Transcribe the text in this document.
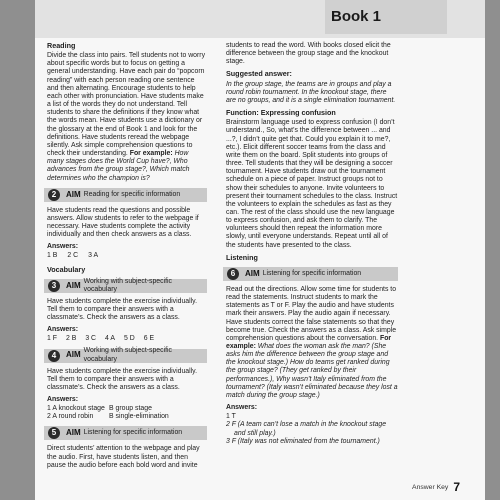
Book 1
Reading
Divide the class into pairs. Tell students not to worry about specific words but to focus on getting a general understanding. Have each pair do “popcorn reading” with each person reading one sentence and then alternating. Encourage students to help each other with pronunciation. Have students make a list of the words they do not understand. Tell students to share the definitions if they know what the words mean. Have students use a dictionary or the glossary at the end of Book 1 and look for the definitions. Have students reread the webpage silently. Ask simple comprehension questions to check their understanding. For example: How many stages does the World Cup have?, Who advances from the group stage?, Which match determines who the champion is?
2	AIM Reading for specific information
Have students read the questions and possible answers. Allow students to refer to the webpage if necessary. Have students complete the activity individually and then check answers as a class.
Answers:
1 B 2 C 3 A
Vocabulary
3	AIM Working with subject-specific vocabulary
Have students complete the exercise individually. Tell them to compare their answers with a classmate’s. Check the answers as a class.
Answers:
1 F 2 B 3 C 4 A 5 D 6 E
4	AIM Working with subject-specific vocabulary
Have students complete the exercise individually. Tell them to compare their answers with a classmate’s. Check the answers as a class.
Answers:
1 A knockout stage B group stage
2 A round robin	B single-elimination
5	AIM Listening for specific information
Direct students’ attention to the webpage and play the audio. First, have students listen, and then pause the audio before each bold word and invite
students to read the word. With books closed elicit the difference between the group stage and the knockout stage.
Suggested answer:
In the group stage, the teams are in groups and play a round robin tournament. In the knockout stage, there are no groups, and it is a single elimination tournament.
Function: Expressing confusion
Brainstorm language used to express confusion (I don’t understand., So, what’s the difference between ... and ...?, I didn’t quite get that. Could you explain it to me?, etc.). Elicit different soccer teams from the class and write them on the board. Split students into groups of three. Tell students that they will be designing a soccer tournament. Have students draw out the tournament schedule on a piece of paper. Instruct groups not to show their schedules to anyone. Invite volunteers to present their tournament schedules to the class. Instruct the volunteers to explain the schedules as fast as they can. The rest of the class should use the new language to express confusion, and ask them to clarify. The volunteers should then repeat the information more slowly, until everyone understands. Repeat until all of the students have presented to the class.
Listening
6	AIM Listening for specific information
Read out the directions. Allow some time for students to read the statements. Instruct students to mark the statements as T or F. Play the audio and have students mark their answers. Play the audio again if necessary. Have students correct the false statements so that they become true. Check the answers as a class. Ask simple comprehension questions about the conversation. For example: What does the woman ask the man? (She asks him the difference between the group stage and the knockout stage.) How do teams get ranked during the group stage? (They get ranked by their performances.), Why wasn’t Italy eliminated from the tournament? (Italy wasn’t eliminated because they lost a match during the group stage.)
Answers:
1 T
2 F (A team can’t lose a match in the knockout stage and still play.)
3 F (Italy was not eliminated from the tournament.)
Answer Key 7
